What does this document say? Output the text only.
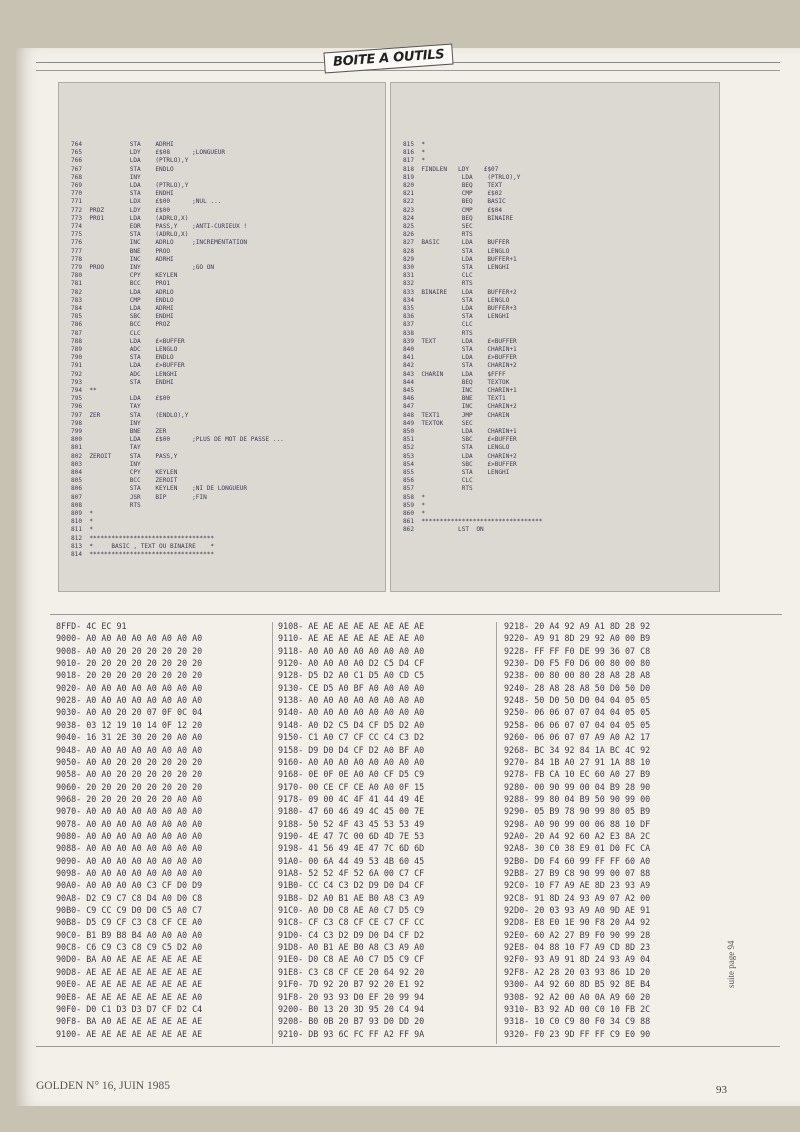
BOITE A OUTILS
764             STA    ADRHI
765             LDY    £$08      ;LONGUEUR
766             LDA    (PTRLO),Y
767             STA    ENDLO
768             INY
769             LDA    (PTRLO),Y
770             STA    ENDHI
771             LDX    £$00      ;NUL ...
772  PROZ       LDY    £$00
773  PRO1       LDA    (ADRLO,X)
774             EOR    PASS,Y    ;ANTI-CURIEUX !
775             STA    (ADRLO,X)
776             INC    ADRLO     ;INCREMENTATION
777             BNE    PROO
778             INC    ADRHI
779  PROO       INY              ;GO ON
780             CPY    KEYLEN
781             BCC    PRO1
782             LDA    ADRLO
783             CMP    ENDLO
784             LDA    ADRHI
785             SBC    ENDHI
786             BCC    PROZ
787             CLC
788             LDA    £<BUFFER
789             ADC    LENGLO
790             STA    ENDLO
791             LDA    £>BUFFER
792             ADC    LENGHI
793             STA    ENDHI
794  **
795             LDA    £$00
796             TAY
797  ZER        STA    (ENDLO),Y
798             INY
799             BNE    ZER
800             LDA    £$00      ;PLUS DE MOT DE PASSE ...
801             TAY
802  ZEROIT     STA    PASS,Y
803             INY
804             CPY    KEYLEN
805             BCC    ZEROIT
806             STA    KEYLEN    ;NI DE LONGUEUR
807             JSR    BIP       ;FIN
808             RTS
809  *
810  *
811  *
812  **********************************
813  *     BASIC , TEXT OU BINAIRE    *
814  **********************************
815  *
816  *
817  *
818  FINDLEN   LDY    £$07
819             LDA    (PTRLO),Y
820             BEQ    TEXT
821             CMP    £$02
822             BEQ    BASIC
823             CMP    £$04
824             BEQ    BINAIRE
825             SEC
826             RTS
827  BASIC      LDA    BUFFER
828             STA    LENGLO
829             LDA    BUFFER+1
830             STA    LENGHI
831             CLC
832             RTS
833  BINAIRE    LDA    BUFFER+2
834             STA    LENGLO
835             LDA    BUFFER+3
836             STA    LENGHI
837             CLC
838             RTS
839  TEXT       LDA    £<BUFFER
840             STA    CHARIN+1
841             LDA    £>BUFFER
842             STA    CHARIN+2
843  CHARIN     LDA    $FFFF
844             BEQ    TEXTOK
845             INC    CHARIN+1
846             BNE    TEXT1
847             INC    CHARIN+2
848  TEXT1      JMP    CHARIN
849  TEXTOK     SEC
850             LDA    CHARIN+1
851             SBC    £<BUFFER
852             STA    LENGLO
853             LDA    CHARIN+2
854             SBC    £>BUFFER
855             STA    LENGHI
856             CLC
857             RTS
858  *
859  *
860  *
861  *********************************
862            LST  ON
8FFD- 4C EC 91
9000- A0 A0 A0 A0 A0 A0 A0 A0
9008- A0 A0 20 20 20 20 20 20
9010- 20 20 20 20 20 20 20 20
9018- 20 20 20 20 20 20 20 20
9020- A0 A0 A0 A0 A0 A0 A0 A0
9028- A0 A0 A0 A0 A0 A0 A0 A0
9030- A0 A0 20 20 07 0F 0C 04
9038- 03 12 19 10 14 0F 12 20
9040- 16 31 2E 30 20 20 A0 A0
9048- A0 A0 A0 A0 A0 A0 A0 A0
9050- A0 A0 20 20 20 20 20 20
9058- A0 A0 20 20 20 20 20 20
9060- 20 20 20 20 20 20 20 20
9068- 20 20 20 20 20 20 A0 A0
9070- A0 A0 A0 A0 A0 A0 A0 A0
9078- A0 A0 A0 A0 A0 A0 A0 A0
9080- A0 A0 A0 A0 A0 A0 A0 A0
9088- A0 A0 A0 A0 A0 A0 A0 A0
9090- A0 A0 A0 A0 A0 A0 A0 A0
9098- A0 A0 A0 A0 A0 A0 A0 A0
90A0- A0 A0 A0 A0 C3 CF D0 D9
90A8- D2 C9 C7 C8 D4 A0 D0 C8
90B0- C9 CC C9 D0 D0 C5 A0 C7
90B8- D5 C9 CF C3 C8 CF CE A0
90C0- B1 B9 B8 B4 A0 A0 A0 A0
90C8- C6 C9 C3 C8 C9 C5 D2 A0
90D0- BA A0 AE AE AE AE AE AE
90D8- AE AE AE AE AE AE AE AE
90E0- AE AE AE AE AE AE AE AE
90E8- AE AE AE AE AE AE AE A0
90F0- D0 C1 D3 D3 D7 CF D2 C4
90F8- BA A0 AE AE AE AE AE AE
9100- AE AE AE AE AE AE AE AE
9108- AE AE AE AE AE AE AE AE
9110- AE AE AE AE AE AE AE A0
9118- A0 A0 A0 A0 A0 A0 A0 A0
9120- A0 A0 A0 A0 D2 C5 D4 CF
9128- D5 D2 A0 C1 D5 A0 CD C5
9130- CE D5 A0 BF A0 A0 A0 A0
9138- A0 A0 A0 A0 A0 A0 A0 A0
9140- A0 A0 A0 A0 A0 A0 A0 A0
9148- A0 D2 C5 D4 CF D5 D2 A0
9150- C1 A0 C7 CF CC C4 C3 D2
9158- D9 D0 D4 CF D2 A0 BF A0
9160- A0 A0 A0 A0 A0 A0 A0 A0
9168- 0E 0F 0E A0 A0 CF D5 C9
9170- 00 CE CF CE A0 A0 0F 15
9178- 09 00 4C 4F 41 44 49 4E
9180- 47 60 46 49 4C 45 00 7E
9188- 50 52 4F 43 45 53 53 49
9190- 4E 47 7C 00 6D 4D 7E 53
9198- 41 56 49 4E 47 7C 6D 6D
91A0- 00 6A 44 49 53 4B 60 45
91A8- 52 52 4F 52 6A 00 C7 CF
91B0- CC C4 C3 D2 D9 D0 D4 CF
91B8- D2 A0 B1 AE B0 A8 C3 A9
91C0- A0 D0 C8 AE A0 C7 D5 C9
91C8- CF C3 C8 CF CE C7 CF CC
91D0- C4 C3 D2 D9 D0 D4 CF D2
91D8- A0 B1 AE B0 A8 C3 A9 A0
91E0- D0 C8 AE A0 C7 D5 C9 CF
91E8- C3 C8 CF CE 20 64 92 20
91F0- 7D 92 20 B7 92 20 E1 92
91F8- 20 93 93 D0 EF 20 99 94
9200- B0 13 20 3D 95 20 C4 94
9208- B0 0B 20 B7 93 D0 DD 20
9210- DB 93 6C FC FF A2 FF 9A
9218- 20 A4 92 A9 A1 8D 28 92
9220- A9 91 8D 29 92 A0 00 B9
9228- FF FF F0 DE 99 36 07 C8
9230- D0 F5 F0 D6 00 80 00 80
9238- 00 80 00 80 28 A8 28 A8
9240- 28 A8 28 A8 50 D0 50 D0
9248- 50 D0 50 D0 04 04 05 05
9250- 06 06 07 07 04 04 05 05
9258- 06 06 07 07 04 04 05 05
9260- 06 06 07 07 A9 A0 A2 17
9268- BC 34 92 84 1A BC 4C 92
9270- 84 1B A0 27 91 1A 88 10
9278- FB CA 10 EC 60 A0 27 B9
9280- 00 90 99 00 04 B9 28 90
9288- 99 80 04 B9 50 90 99 00
9290- 05 B9 78 90 99 80 05 B9
9298- A0 90 99 00 06 88 10 DF
92A0- 20 A4 92 60 A2 E3 8A 2C
92A8- 30 C0 38 E9 01 D0 FC CA
92B0- D0 F4 60 99 FF FF 60 A0
92B8- 27 B9 C8 90 99 00 07 88
92C0- 10 F7 A9 AE 8D 23 93 A9
92C8- 91 8D 24 93 A9 07 A2 00
92D0- 20 03 93 A9 A0 9D AE 91
92D8- E8 E0 1E 90 F8 20 A4 92
92E0- 60 A2 27 B9 F0 90 99 28
92E8- 04 88 10 F7 A9 CD 8D 23
92F0- 93 A9 91 8D 24 93 A9 04
92F8- A2 28 20 03 93 86 1D 20
9300- A4 92 60 8D B5 92 8E B4
9308- 92 A2 00 A0 0A A9 60 20
9310- B3 92 AD 00 C0 10 FB 2C
9318- 10 C0 C9 80 F0 34 C9 88
9320- F0 23 9D FF FF C9 E0 90
GOLDEN N° 16, JUIN 1985	93
suite page 94
